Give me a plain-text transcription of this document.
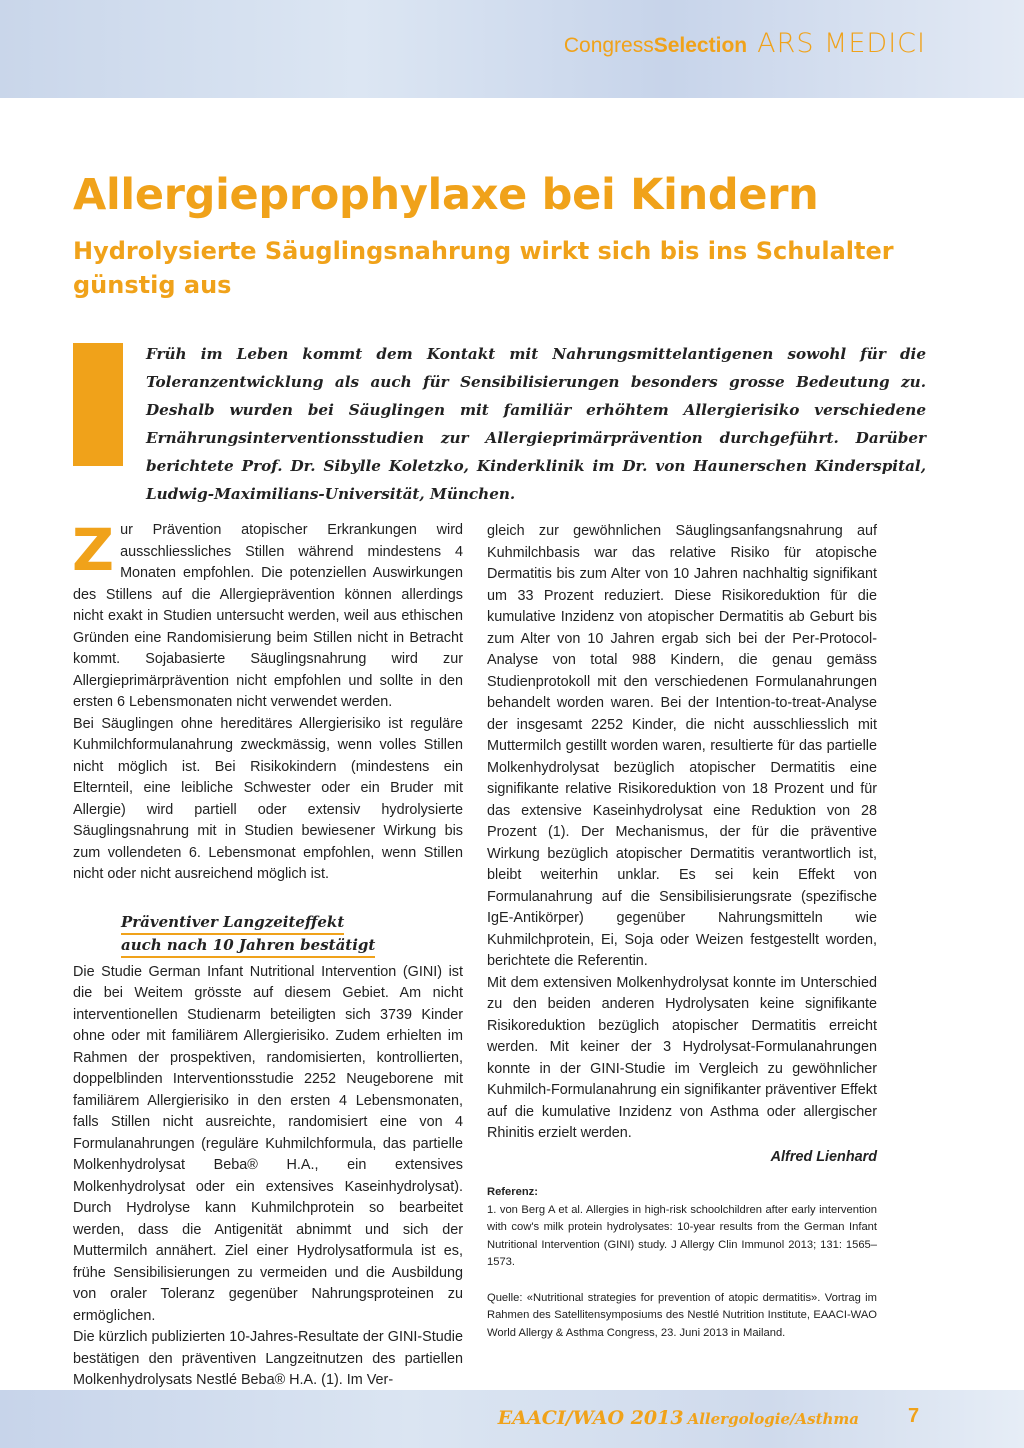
Congress Selection ARS MEDICI
Allergieprophylaxe bei Kindern
Hydrolysierte Säuglingsnahrung wirkt sich bis ins Schulalter günstig aus

Früh im Leben kommt dem Kontakt mit Nahrungsmittelantigenen sowohl für die Toleranzentwicklung als auch für Sensibilisierungen besonders grosse Bedeutung zu. Deshalb wurden bei Säuglingen mit familiär erhöhtem Allergierisiko verschiedene Ernährungsinterventionsstudien zur Allergieprimärprävention durchgeführt. Darüber berichtete Prof. Dr. Sibylle Koletzko, Kinderklinik im Dr. von Haunerschen Kinderspital, Ludwig-Maximilians-Universität, München.

Zur Prävention atopischer Erkrankungen wird ausschliessliches Stillen während mindestens 4 Monaten empfohlen. Die potenziellen Auswirkungen des Stillens auf die Allergieprävention können allerdings nicht exakt in Studien untersucht werden, weil aus ethischen Gründen eine Randomisierung beim Stillen nicht in Betracht kommt. Sojabasierte Säuglingsnahrung wird zur Allergieprimärprävention nicht empfohlen und sollte in den ersten 6 Lebensmonaten nicht verwendet werden.

Bei Säuglingen ohne hereditäres Allergierisiko ist reguläre Kuhmilchformulanahrung zweckmässig, wenn volles Stillen nicht möglich ist. Bei Risikokindern (mindestens ein Elternteil, eine leibliche Schwester oder ein Bruder mit Allergie) wird partiell oder extensiv hydrolysierte Säuglingsnahrung mit in Studien bewiesener Wirkung bis zum vollendeten 6. Lebensmonat empfohlen, wenn Stillen nicht oder nicht ausreichend möglich ist.

Präventiver Langzeiteffekt
auch nach 10 Jahren bestätigt

Die Studie German Infant Nutritional Intervention (GINI) ist die bei Weitem grösste auf diesem Gebiet. Am nicht interventionellen Studienarm beteiligten sich 3739 Kinder ohne oder mit familiärem Allergierisiko. Zudem erhielten im Rahmen der prospektiven, randomisierten, kontrollierten, doppelblinden Interventionsstudie 2252 Neugeborene mit familiärem Allergierisiko in den ersten 4 Lebensmonaten, falls Stillen nicht ausreichte, randomisiert eine von 4 Formulanahrungen (reguläre Kuhmilchformula, das partielle Molkenhydrolysat Beba® H.A., ein extensives Molkenhydrolysat oder ein extensives Kaseinhydrolysat). Durch Hydrolyse kann Kuhmilchprotein so bearbeitet werden, dass die Antigenität abnimmt und sich der Muttermilch annähert. Ziel einer Hydrolysatformula ist es, frühe Sensibilisierungen zu vermeiden und die Ausbildung von oraler Toleranz gegenüber Nahrungsproteinen zu ermöglichen.

Die kürzlich publizierten 10-Jahres-Resultate der GINI-Studie bestätigen den präventiven Langzeitnutzen des partiellen Molkenhydrolysats Nestlé Beba® H.A. (1). Im Ver-

gleich zur gewöhnlichen Säuglingsanfangsnahrung auf Kuhmilchbasis war das relative Risiko für atopische Dermatitis bis zum Alter von 10 Jahren nachhaltig signifikant um 33 Prozent reduziert. Diese Risikoreduktion für die kumulative Inzidenz von atopischer Dermatitis ab Geburt bis zum Alter von 10 Jahren ergab sich bei der Per-Protocol-Analyse von total 988 Kindern, die genau gemäss Studienprotokoll mit den verschiedenen Formulanahrungen behandelt worden waren. Bei der Intention-to-treat-Analyse der insgesamt 2252 Kinder, die nicht ausschliesslich mit Muttermilch gestillt worden waren, resultierte für das partielle Molkenhydrolysat bezüglich atopischer Dermatitis eine signifikante relative Risikoreduktion von 18 Prozent und für das extensive Kaseinhydrolysat eine Reduktion von 28 Prozent (1). Der Mechanismus, der für die präventive Wirkung bezüglich atopischer Dermatitis verantwortlich ist, bleibt weiterhin unklar. Es sei kein Effekt von Formulanahrung auf die Sensibilisierungsrate (spezifische IgE-Antikörper) gegenüber Nahrungsmitteln wie Kuhmilchprotein, Ei, Soja oder Weizen festgestellt worden, berichtete die Referentin.

Mit dem extensiven Molkenhydrolysat konnte im Unterschied zu den beiden anderen Hydrolysaten keine signifikante Risikoreduktion bezüglich atopischer Dermatitis erreicht werden. Mit keiner der 3 Hydrolysat-Formulanahrungen konnte in der GINI-Studie im Vergleich zu gewöhnlicher Kuhmilch-Formulanahrung ein signifikanter präventiver Effekt auf die kumulative Inzidenz von Asthma oder allergischer Rhinitis erzielt werden.

Alfred Lienhard

Referenz:

1. von Berg A et al. Allergies in high-risk schoolchildren after early intervention with cow's milk protein hydrolysates: 10-year results from the German Infant Nutritional Intervention (GINI) study. J Allergy Clin Immunol 2013; 131: 1565–1573.

Quelle: «Nutritional strategies for prevention of atopic dermatitis». Vortrag im Rahmen des Satellitensymposiums des Nestlé Nutrition Institute, EAACI-WAO World Allergy & Asthma Congress, 23. Juni 2013 in Mailand.

EAACI/WAO 2013 Allergologie/Asthma 7
